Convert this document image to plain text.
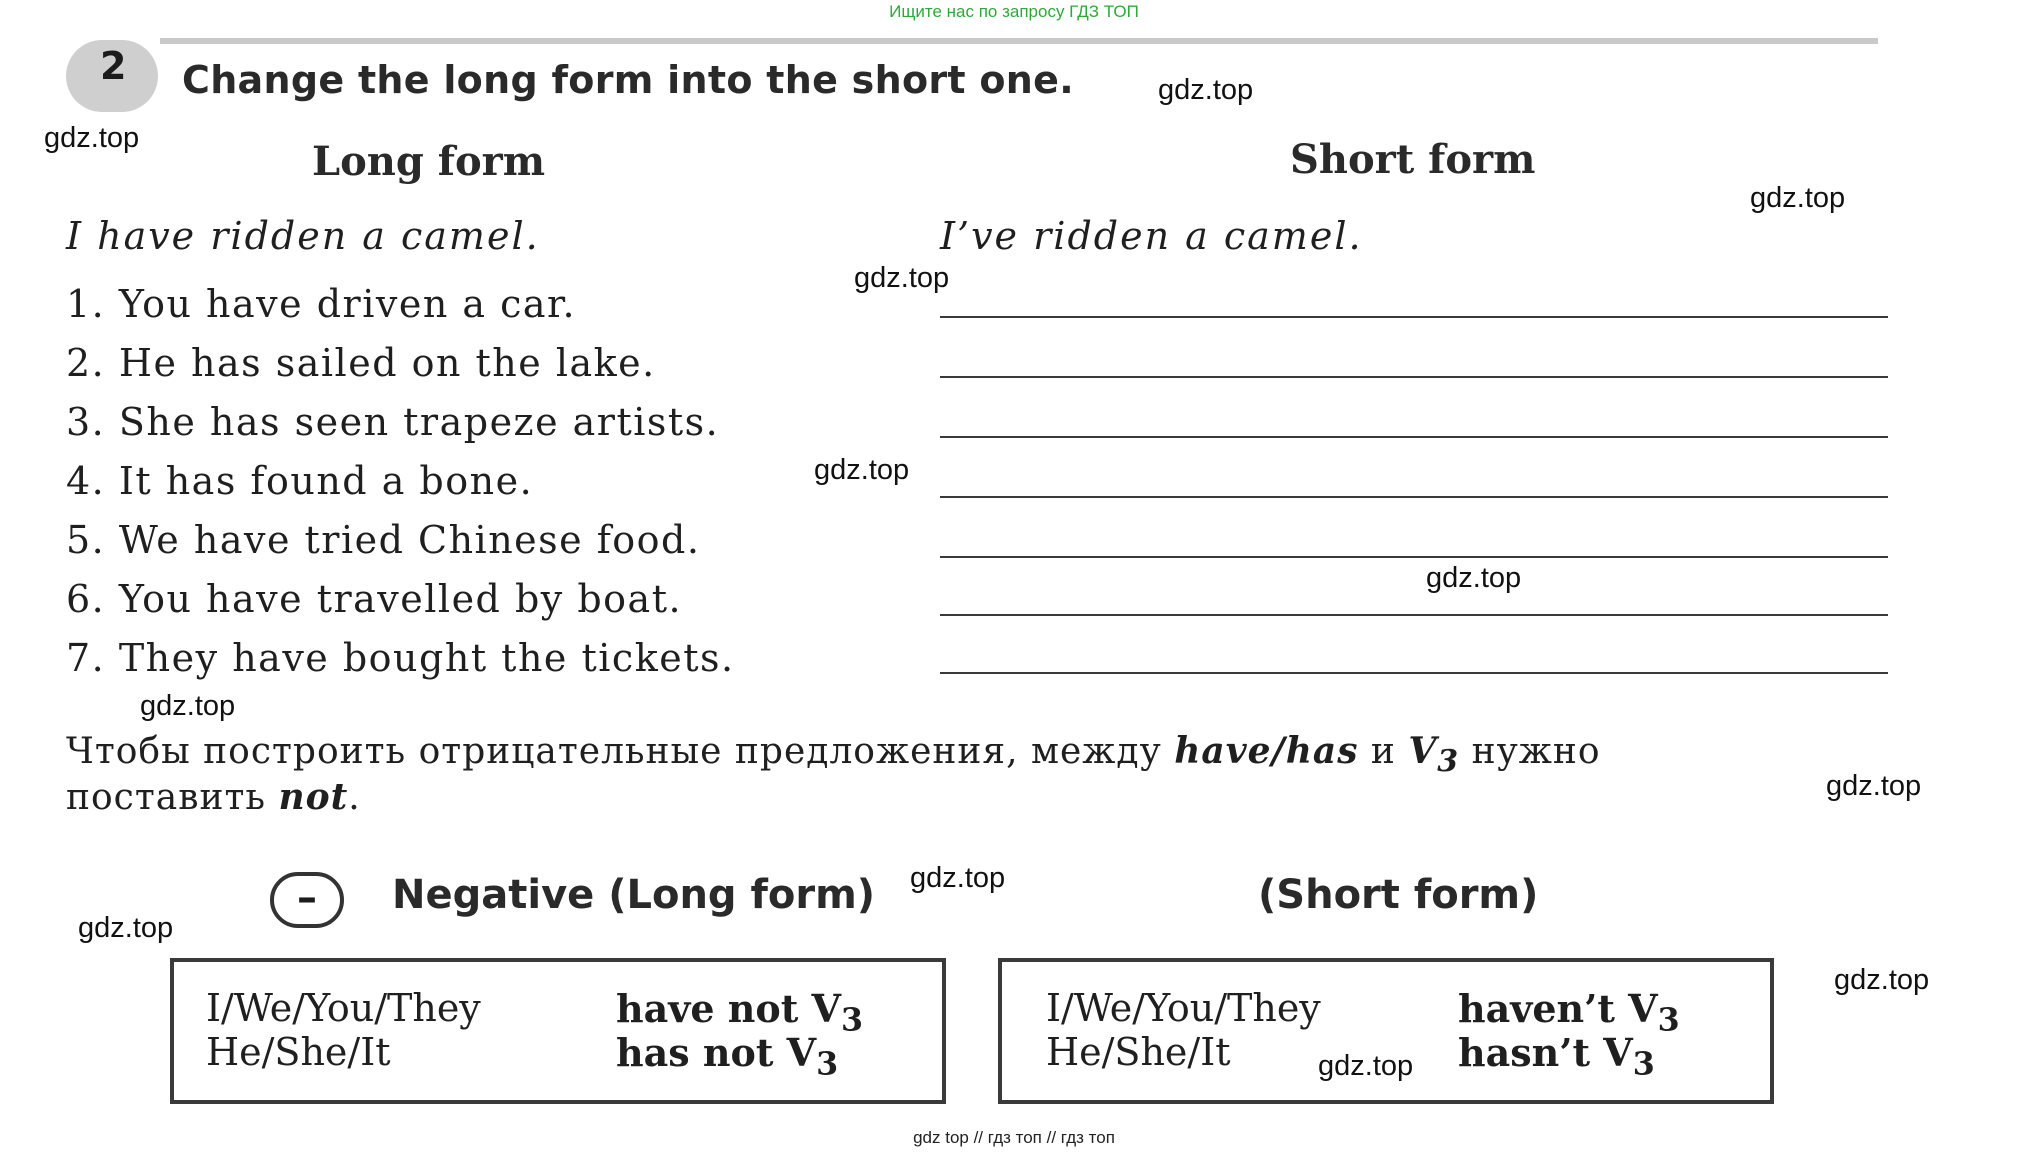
Ищите нас по запросу ГДЗ ТОП
2 Change the long form into the short one.
Long form	Short form
I have ridden a camel.	I’ve ridden a camel.
1. You have driven a car.
2. He has sailed on the lake.
3. She has seen trapeze artists.
4. It has found a bone.
5. We have tried Chinese food.
6. You have travelled by boat.
7. They have bought the tickets.
Чтобы построить отрицательные предложения, между have/has и $V_3$ нужно
поставить not.
–	Negative (Long form)	(Short form)
I/We/You/They	have not $V_3$
He/She/It	has not $V_3$
I/We/You/They	haven’t $V_3$
He/She/It	hasn’t $V_3$
gdz.top
gdz.top
gdz.top
gdz.top
gdz.top
gdz.top
gdz.top
gdz.top
gdz.top
gdz.top
gdz.top
gdz.top
gdz top // гдз топ // гдз топ
